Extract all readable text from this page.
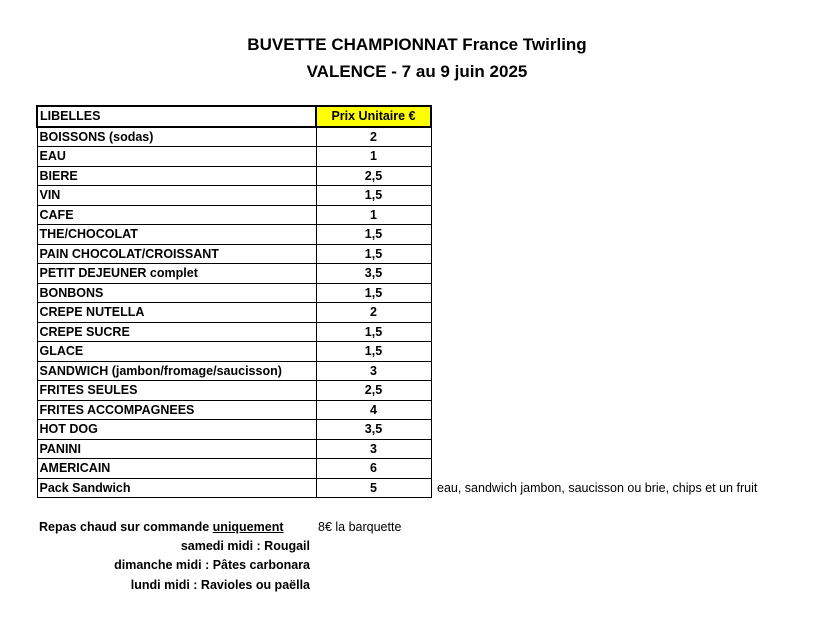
BUVETTE CHAMPIONNAT France Twirling
VALENCE - 7 au 9 juin 2025
LIBELLES	Prix Unitaire €
BOISSONS (sodas)	2
EAU	1
BIERE	2,5
VIN	1,5
CAFE	1
THE/CHOCOLAT	1,5
PAIN CHOCOLAT/CROISSANT	1,5
PETIT DEJEUNER complet	3,5
BONBONS	1,5
CREPE NUTELLA	2
CREPE SUCRE	1,5
GLACE	1,5
SANDWICH (jambon/fromage/saucisson)	3
FRITES SEULES	2,5
FRITES ACCOMPAGNEES	4
HOT DOG	3,5
PANINI	3
AMERICAIN	6
Pack Sandwich	5	eau, sandwich jambon, saucisson ou brie, chips et un fruit
Repas chaud sur commande uniquement	8€ la barquette
samedi midi : Rougail
dimanche midi : Pâtes carbonara
lundi midi : Ravioles ou paëlla
